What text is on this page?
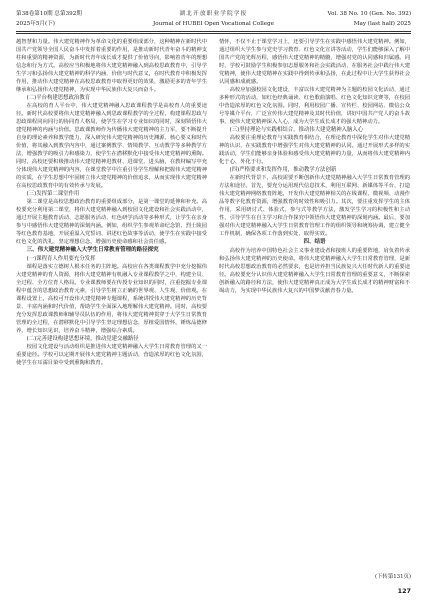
第38卷第10期 总第392期
2025年5月(下)
湖北开放职业学院学报
Journal of HUBEI Open Vocational College
Vol. 38 No. 10 (Gen. No. 392)
May (last half) 2025

越智慧和力量。伟大建党精神作为革命文化的重要组成部分，这种精神在新时代中国共产党领导全国人民奋斗中发挥着重要的作用，是推动新时代青年奋斗的精神支柱和重要的精神资源，为新时代青年成长成才提供了价值导向，影响着青年的理想信念和行为方式。高校应当积极地将伟大建党精神融入到高校思政教育中，引导学生学习和弘扬伟大建党精神的科学内涵、价值与时代意义，在时代教育中积极发挥作用，推动伟大建党精神在高校思政教育中取得更好的效果，激励更多的青年学生继承和弘扬伟大建党精神，为实现中华民族伟大复兴而奋斗。

(二)平台构建思想政治教育

在高校的育人平台中，伟大建党精神融入思政课程教学是高校育人的重要途径。新时代高校要将伟大建党精神融入到思政课程教学的全过程，构建课程思政与思政课程同向同行的协同育人格局，使学生在学习专业知识的同时，深刻领悟伟大建党精神的内涵与价值。思政课教师作为传播伟大建党精神的主力军，要不断提升自身的理论素养和教学能力，深入研究伟大建党精神的历史渊源、核心要义和时代价值，将其融入到教学内容中，通过案例教学、情境教学、互动教学等多种教学方法，增强教学的吸引力和感染力，使学生在潜移默化中接受伟大建党精神的熏陶。同时，高校还要积极推动伟大建党精神进教材、进课堂、进头脑，在教材编写中充分体现伟大建党精神的内容，在课堂教学中注重引导学生理解和把握伟大建党精神的实质，在学生思想中牢固树立伟大建党精神的价值追求，从而实现伟大建党精神在高校思政教育中的有效传承与发展。

(三)发挥第二课堂作用

第二课堂是高校思想政治教育的重要组成部分，是第一课堂的延伸和补充。高校要充分利用第二课堂，将伟大建党精神融入到校园文化建设和社会实践活动中，通过开展主题教育活动、志愿服务活动、红色研学活动等多种形式，让学生在亲身参与中感悟伟大建党精神的深刻内涵。例如，组织学生参观革命纪念馆、烈士陵园等红色教育基地，开展重温入党誓词、讲述红色故事等活动，使学生在实践中接受红色文化的洗礼，坚定理想信念，增强历史使命感和社会责任感。

三、伟大建党精神融入大学生日常教育管理的路径探究
(一)课程育人作用要充分发挥

课程是落实立德树人根本任务的主阵地。高校应在各类课程教学中充分挖掘伟大建党精神的育人资源，将伟大建党精神有机融入专业课程教学之中，构建全员、全过程、全方位育人格局。专业课教师要在传授专业知识的同时，注重挖掘专业课程中蕴含的思想政治教育元素，引导学生树立正确的世界观、人生观、价值观。在课程设置上，高校可开设伟大建党精神专题课程，系统讲授伟大建党精神的历史背景、丰富内涵和时代价值，帮助学生全面深入地理解伟大建党精神。同时，高校要充分发挥思政课教师和辅导员队伍的作用，将伟大建党精神贯穿于大学生日常教育管理的全过程，在潜移默化中引导学生坚定理想信念，厚植爱国情怀，锤炼品德修养，增长知识见识，培养奋斗精神，增强综合素质。

(二)完善建设构建思想环境，推动党建交融路径

校园文化建设与活动组织是推进伟大建党精神融入大学生日常教育管理的又一重要途径。学校可以定期开展伟大建党精神主题活动，营造浓厚的红色文化氛围，使学生在耳濡目染中受到熏陶和教育。

情怀，不仅不止于课堂学习上，还要引导学生在实践中感悟伟大建党精神。例如，通过组织大学生参与党史学习教育、红色文化宣讲等活动，学生们能够深入了解中国共产党的光辉历程，感悟伟大建党精神的精髓，增强对党的认同感和归属感。同时，学校可鼓励学生积极参加志愿服务和社会实践活动，在服务社会中践行伟大建党精神，使伟大建党精神在实践中得到传承和弘扬，在此过程中让大学生获得社会认同感和成就感。

高校应加强校园文化建设，丰富以伟大建党精神为主题的校园文化活动，通过多种形式的活动，如红色经典诵读、红色歌曲演唱、红色文化知识竞赛等，在校园中营造浓厚的红色文化氛围。同时，利用校园广播、宣传栏、校园网站、微信公众号等媒介平台，广泛宣传伟大建党精神及其时代价值，讲好中国共产党人的奋斗故事，使伟大建党精神深入人心，成为大学生成长成才的强大精神动力。

(三)坚持理论与实践相结合，推动伟大建党精神入脑入心

高校要注重理论教育与实践教育相结合，在理论教育中深化学生对伟大建党精神的认识，在实践教育中增强学生对伟大建党精神的认同。通过开展形式多样的实践活动，学生们能够亲身体验和感受伟大建党精神的力量，从而将伟大建党精神内化于心、外化于行。

(四)严格要求和发挥作用，推动教学方法创新

在新时代背景下，高校需要不断创新伟大建党精神融入大学生日常教育管理的方法和途径。首先，要充分运用现代信息技术，利用互联网、新媒体等平台，打造伟大建党精神网络教育阵地，开发伟大建党精神相关的在线课程、微视频、动漫作品等数字化教育资源，增强教育的时效性和吸引力。其次，要注重发挥学生的主体作用，采用研讨式、体验式、参与式等教学方法，激发学生学习的积极性和主动性，引导学生在自主学习和合作探究中领悟伟大建党精神的深刻内涵。最后，要加强对伟大建党精神融入大学生日常教育管理工作的组织领导和统筹协调，建立健全工作机制，确保各项工作落到实处、取得实效。

四、结语

高校作为培养中国特色社会主义事业建设者和接班人的重要阵地，肩负着传承和弘扬伟大建党精神的历史使命。将伟大建党精神融入大学生日常教育管理，是新时代高校思想政治教育的必然要求，也是培养担当民族复兴大任时代新人的重要途径。高校要充分认识伟大建党精神融入大学生日常教育管理的重要意义，不断探索创新融入的路径和方法，使伟大建党精神真正成为大学生成长成才的精神财富和不竭动力，为实现中华民族伟大复兴的中国梦贡献青春力量。

(下转第131页)
127
